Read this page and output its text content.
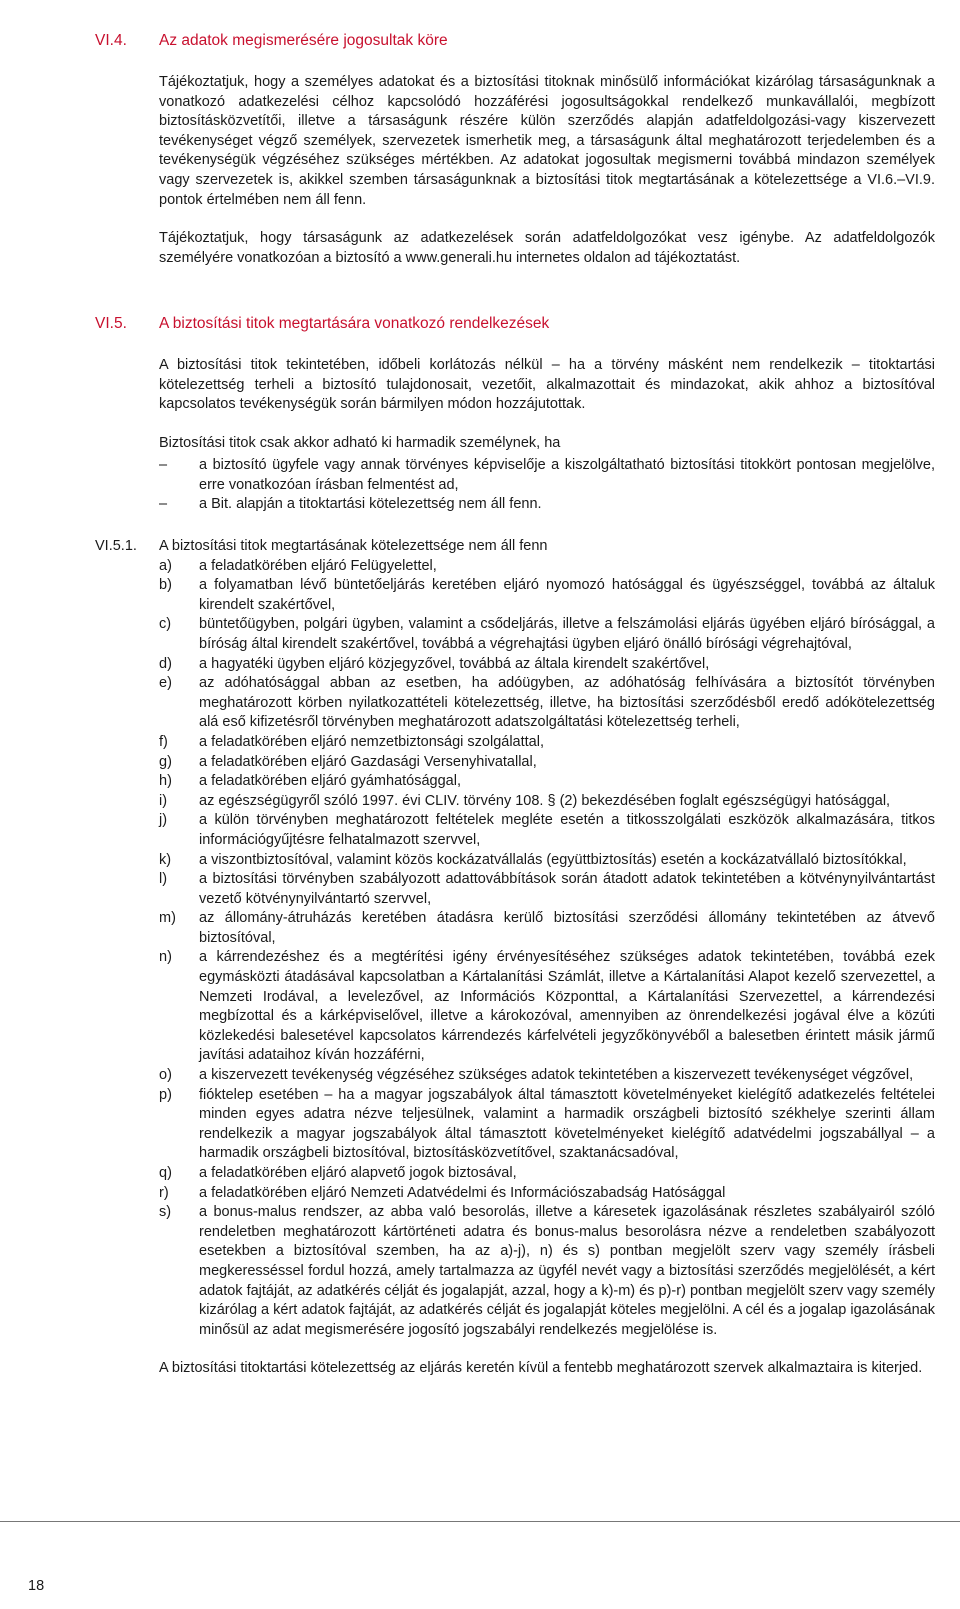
VI.4.	Az adatok megismerésére jogosultak köre

Tájékoztatjuk, hogy a személyes adatokat és a biztosítási titoknak minősülő információkat kizárólag társaságunknak a vonatkozó adatkezelési célhoz kapcsolódó hozzáférési jogosultságokkal rendelkező munkavállalói, megbízott biztosításközvetítői, illetve a társaságunk részére külön szerződés alapján adatfeldolgozási-vagy kiszervezett tevékenységet végző személyek, szervezetek ismerhetik meg, a társaságunk által meghatározott terjedelemben és a tevékenységük végzéséhez szükséges mértékben. Az adatokat jogosultak megismerni továbbá mindazon személyek vagy szervezetek is, akikkel szemben társaságunknak a biztosítási titok megtartásának a kötelezettsége a VI.6.–VI.9. pontok értelmében nem áll fenn.

Tájékoztatjuk, hogy társaságunk az adatkezelések során adatfeldolgozókat vesz igénybe. Az adatfeldolgozók személyére vonatkozóan a biztosító a www.generali.hu internetes oldalon ad tájékoztatást.

VI.5.	A biztosítási titok megtartására vonatkozó rendelkezések

A biztosítási titok tekintetében, időbeli korlátozás nélkül – ha a törvény másként nem rendelkezik – titoktartási kötelezettség terheli a biztosító tulajdonosait, vezetőit, alkalmazottait és mindazokat, akik ahhoz a biztosítóval kapcsolatos tevékenységük során bármilyen módon hozzájutottak.

Biztosítási titok csak akkor adható ki harmadik személynek, ha

–	a biztosító ügyfele vagy annak törvényes képviselője a kiszolgáltatható biztosítási titokkört pontosan megjelölve, erre vonatkozóan írásban felmentést ad,
–	a Bit. alapján a titoktartási kötelezettség nem áll fenn.
VI.5.1. A biztosítási titok megtartásának kötelezettsége nem áll fenn

a)	a feladatkörében eljáró Felügyelettel,
b)	a folyamatban lévő büntetőeljárás keretében eljáró nyomozó hatósággal és ügyészséggel, továbbá az általuk kirendelt szakértővel,
c)	büntetőügyben, polgári ügyben, valamint a csődeljárás, illetve a felszámolási eljárás ügyében eljáró bírósággal, a bíróság által kirendelt szakértővel, továbbá a végrehajtási ügyben eljáró önálló bírósági végrehajtóval,
d)	a hagyatéki ügyben eljáró közjegyzővel, továbbá az általa kirendelt szakértővel,
e)	az adóhatósággal abban az esetben, ha adóügyben, az adóhatóság felhívására a biztosítót törvényben meghatározott körben nyilatkozattételi kötelezettség, illetve, ha biztosítási szerződésből eredő adókötelezettség alá eső kifizetésről törvényben meghatározott adatszolgáltatási kötelezettség terheli,
f)	a feladatkörében eljáró nemzetbiztonsági szolgálattal,
g)	a feladatkörében eljáró Gazdasági Versenyhivatallal,
h)	a feladatkörében eljáró gyámhatósággal,
i)	az egészségügyről szóló 1997. évi CLIV. törvény 108. § (2) bekezdésében foglalt egészségügyi hatósággal,
j)	a külön törvényben meghatározott feltételek megléte esetén a titkosszolgálati eszközök alkalmazására, titkos információgyűjtésre felhatalmazott szervvel,
k)	a viszontbiztosítóval, valamint közös kockázatvállalás (együttbiztosítás) esetén a kockázatvállaló biztosítókkal,
l)	a biztosítási törvényben szabályozott adattovábbítások során átadott adatok tekintetében a kötvénynyilvántartást vezető kötvénynyilvántartó szervvel,
m)	az állomány-átruházás keretében átadásra kerülő biztosítási szerződési állomány tekintetében az átvevő biztosítóval,
n)	a kárrendezéshez és a megtérítési igény érvényesítéséhez szükséges adatok tekintetében, továbbá ezek egymásközti átadásával kapcsolatban a Kártalanítási Számlát, illetve a Kártalanítási Alapot kezelő szervezettel, a Nemzeti Irodával, a levelezővel, az Információs Központtal, a Kártalanítási Szervezettel, a kárrendezési megbízottal és a kárképviselővel, illetve a károkozóval, amennyiben az önrendelkezési jogával élve a közúti közlekedési balesetével kapcsolatos kárrendezés kárfelvételi jegyzőkönyvéből a balesetben érintett másik jármű javítási adataihoz kíván hozzáférni,
o)	a kiszervezett tevékenység végzéséhez szükséges adatok tekintetében a kiszervezett tevékenységet végzővel,
p)	fióktelep esetében – ha a magyar jogszabályok által támasztott követelményeket kielégítő adatkezelés feltételei minden egyes adatra nézve teljesülnek, valamint a harmadik országbeli biztosító székhelye szerinti állam rendelkezik a magyar jogszabályok által támasztott követelményeket kielégítő adatvédelmi jogszabállyal – a harmadik országbeli biztosítóval, biztosításközvetítővel, szaktanácsadóval,
q)	a feladatkörében eljáró alapvető jogok biztosával,
r)	a feladatkörében eljáró Nemzeti Adatvédelmi és Információszabadság Hatósággal
s)	a bonus-malus rendszer, az abba való besorolás, illetve a káresetek igazolásának részletes szabályairól szóló rendeletben meghatározott kártörténeti adatra és bonus-malus besorolásra nézve a rendeletben szabályozott esetekben a biztosítóval szemben, ha az a)-j), n) és s) pontban megjelölt szerv vagy személy írásbeli megkeresséssel fordul hozzá, amely tartalmazza az ügyfél nevét vagy a biztosítási szerződés megjelölését, a kért adatok fajtáját, az adatkérés célját és jogalapját, azzal, hogy a k)-m) és p)-r) pontban megjelölt szerv vagy személy kizárólag a kért adatok fajtáját, az adatkérés célját és jogalapját köteles megjelölni. A cél és a jogalap igazolásának minősül az adat megismerésére jogosító jogszabályi rendelkezés megjelölése is.

A biztosítási titoktartási kötelezettség az eljárás keretén kívül a fentebb meghatározott szervek alkalmaztaira is kiterjed.

18
